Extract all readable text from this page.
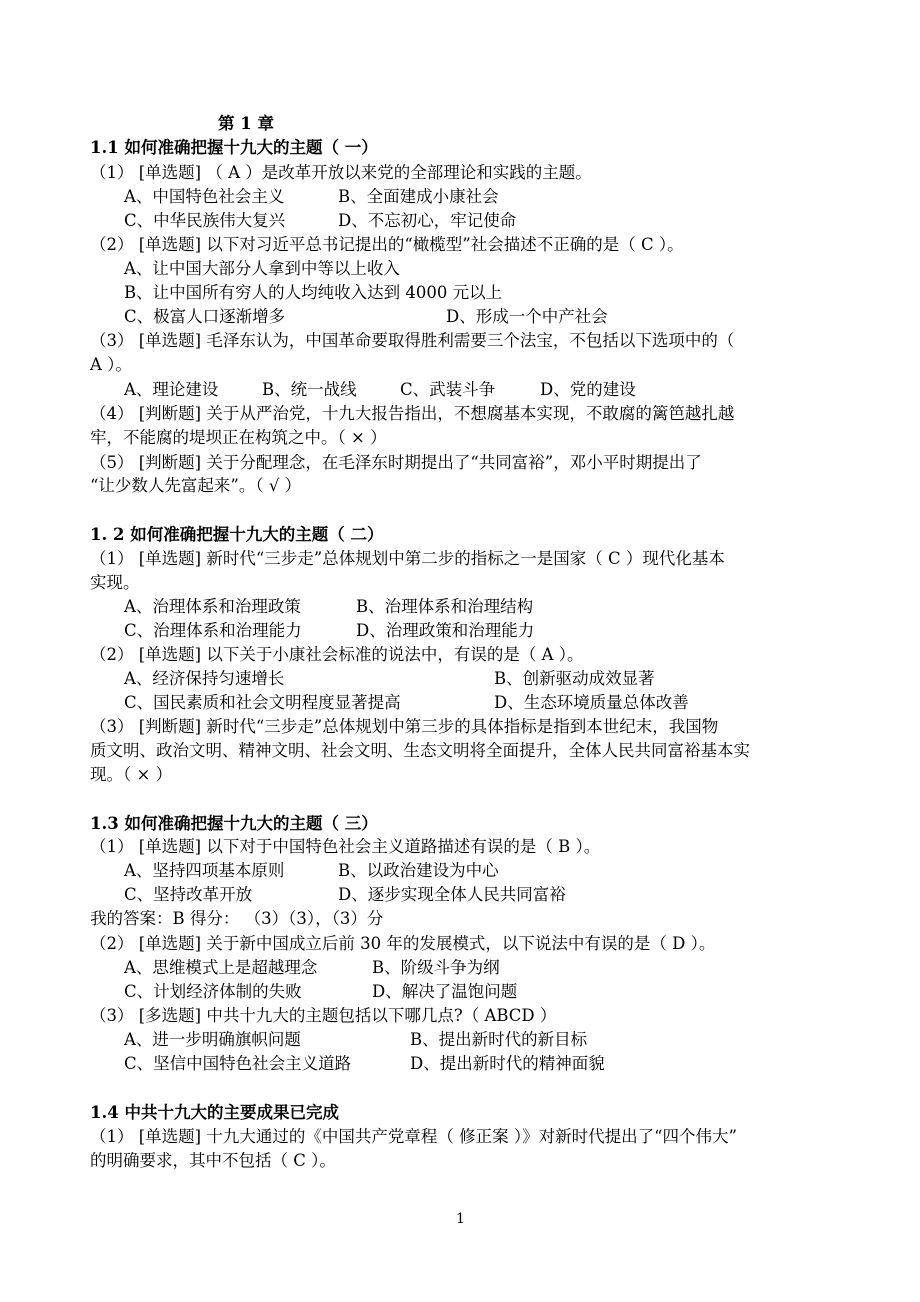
第 1 章
1.1 如何准确把握十九大的主题（ 一）
（1） [单选题] （ A ）是改革开放以来党的全部理论和实践的主题。
A、中国特色社会主义	B、全面建成小康社会
C、中华民族伟大复兴	D、不忘初心，牢记使命
（2） [单选题] 以下对习近平总书记提出的“橄榄型”社会描述不正确的是（ C ）。
A、让中国大部分人拿到中等以上收入
B、让中国所有穷人的人均纯收入达到 4000 元以上
C、极富人口逐渐增多	D、形成一个中产社会
（3） [单选题] 毛泽东认为，中国革命要取得胜利需要三个法宝，不包括以下选项中的（
A ）。
A、理论建设	B、统一战线	C、武装斗争	D、党的建设
（4） [判断题] 关于从严治党，十九大报告指出，不想腐基本实现，不敢腐的篱笆越扎越
牢，不能腐的堤坝正在构筑之中。（ × ）
（5） [判断题] 关于分配理念，在毛泽东时期提出了“共同富裕”，邓小平时期提出了
“让少数人先富起来”。（ √ ）
1. 2 如何准确把握十九大的主题（ 二）
（1） [单选题] 新时代“三步走”总体规划中第二步的指标之一是国家（ C ）现代化基本
实现。
A、治理体系和治理政策	B、治理体系和治理结构
C、治理体系和治理能力	D、治理政策和治理能力
（2） [单选题] 以下关于小康社会标准的说法中，有误的是（ A ）。
A、经济保持匀速增长	B、创新驱动成效显著
C、国民素质和社会文明程度显著提高	D、生态环境质量总体改善
（3） [判断题] 新时代“三步走”总体规划中第三步的具体指标是指到本世纪末，我国物
质文明、政治文明、精神文明、社会文明、生态文明将全面提升，全体人民共同富裕基本实
现。（ × ）
1.3 如何准确把握十九大的主题（ 三）
（1） [单选题] 以下对于中国特色社会主义道路描述有误的是（ B ）。
A、坚持四项基本原则	B、以政治建设为中心
C、坚持改革开放	D、逐步实现全体人民共同富裕
我的答案：B 得分： （3）（3），（3）分
（2） [单选题] 关于新中国成立后前 30 年的发展模式，以下说法中有误的是（ D ）。
A、思维模式上是超越理念	B、阶级斗争为纲
C、计划经济体制的失败	D、解决了温饱问题
（3） [多选题] 中共十九大的主题包括以下哪几点?（ ABCD ）
A、进一步明确旗帜问题	B、提出新时代的新目标
C、坚信中国特色社会主义道路	D、提出新时代的精神面貌
1.4 中共十九大的主要成果已完成
（1） [单选题] 十九大通过的《中国共产党章程（ 修正案 ）》对新时代提出了“四个伟大”
的明确要求，其中不包括（ C ）。
1
